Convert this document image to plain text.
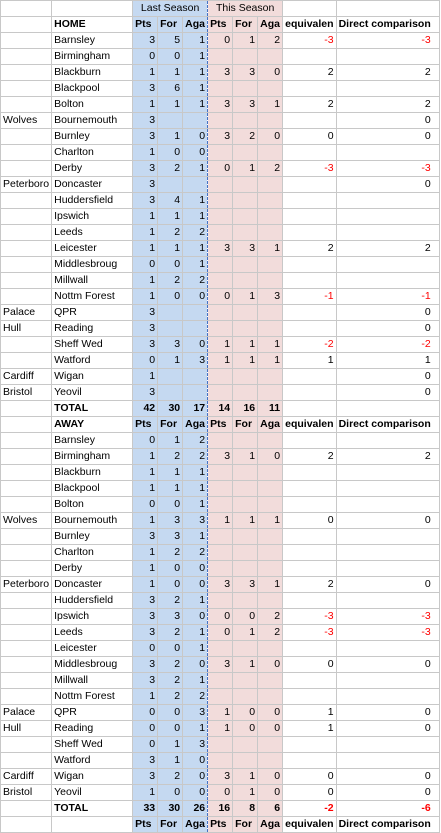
		Last Season			This Season				
	HOME	Pts	For	Aga	Pts	For	Aga	equivalen	Direct comparison
	Barnsley	3	5	1	0	1	2	-3	-3
	Birmingham	0	0	1					
	Blackburn	1	1	1	3	3	0	2	2
	Blackpool	3	6	1					
	Bolton	1	1	1	3	3	1	2	2
Wolves	Bournemouth	3							0
	Burnley	3	1	0	3	2	0	0	0
	Charlton	1	0	0					
	Derby	3	2	1	0	1	2	-3	-3
Peterboro	Doncaster	3							0
	Huddersfield	3	4	1					
	Ipswich	1	1	1					
	Leeds	1	2	2					
	Leicester	1	1	1	3	3	1	2	2
	Middlesbroug	0	0	1					
	Millwall	1	2	2					
	Nottm Forest	1	0	0	0	1	3	-1	-1
Palace	QPR	3							0
Hull	Reading	3							0
	Sheff Wed	3	3	0	1	1	1	-2	-2
	Watford	0	1	3	1	1	1	1	1
Cardiff	Wigan	1							0
Bristol	Yeovil	3							0
	TOTAL	42	30	17	14	16	11		
	AWAY	Pts	For	Aga	Pts	For	Aga	equivalen	Direct comparison
	Barnsley	0	1	2					
	Birmingham	1	2	2	3	1	0	2	2
	Blackburn	1	1	1					
	Blackpool	1	1	1					
	Bolton	0	0	1					
Wolves	Bournemouth	1	3	3	1	1	1	0	0
	Burnley	3	3	1					
	Charlton	1	2	2					
	Derby	1	0	0					
Peterboro	Doncaster	1	0	0	3	3	1	2	0
	Huddersfield	3	2	1					
	Ipswich	3	3	0	0	0	2	-3	-3
	Leeds	3	2	1	0	1	2	-3	-3
	Leicester	0	0	1					
	Middlesbroug	3	2	0	3	1	0	0	0
	Millwall	3	2	1					
	Nottm Forest	1	2	2					
Palace	QPR	0	0	3	1	0	0	1	0
Hull	Reading	0	0	1	1	0	0	1	0
	Sheff Wed	0	1	3					
	Watford	3	1	0					
Cardiff	Wigan	3	2	0	3	1	0	0	0
Bristol	Yeovil	1	0	0	0	1	0	0	0
	TOTAL	33	30	26	16	8	6	-2	-6
		Pts	For	Aga	Pts	For	Aga	equivalen	Direct comparison
